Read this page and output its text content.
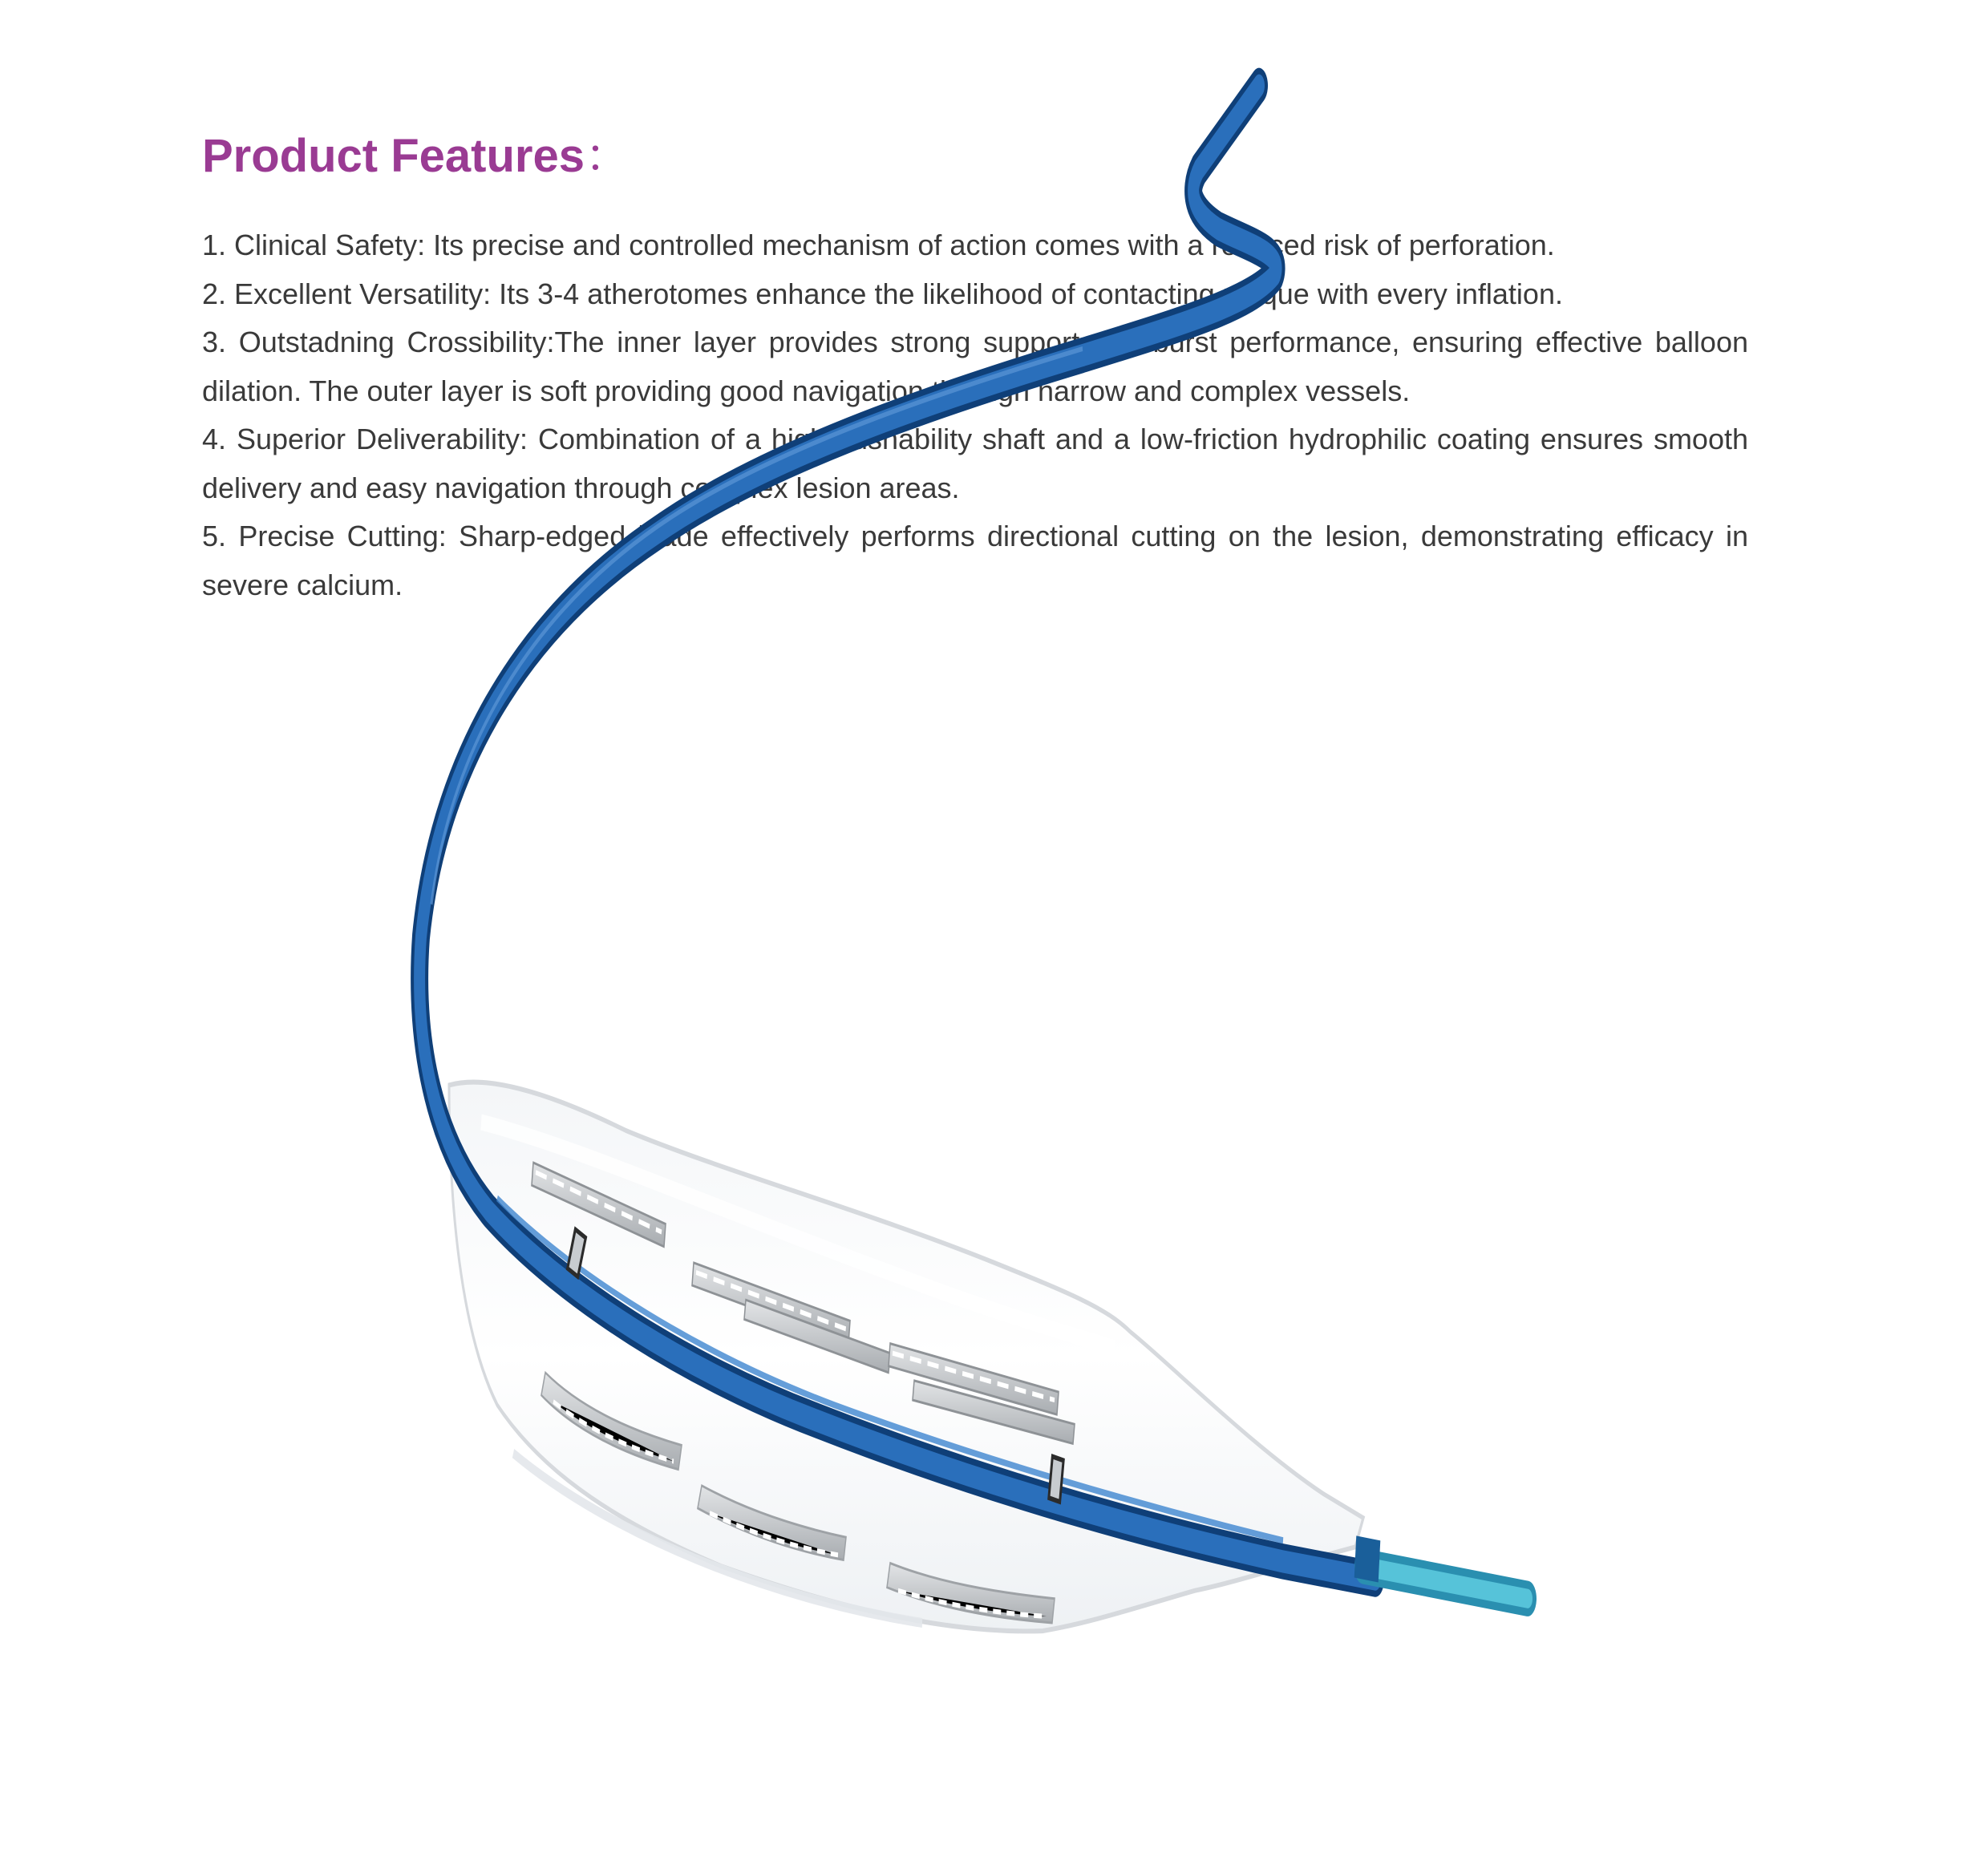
Product Features：
1. Clinical Safety: Its precise and controlled mechanism of action comes with a reduced risk of perforation.
2. Excellent Versatility: Its 3-4 atherotomes enhance the likelihood of contacting plaque with every inflation.
3. Outstadning Crossibility:The inner layer provides strong support and burst performance, ensuring effective balloon dilation. The outer layer is soft providing good navigation through narrow and complex vessels.
4. Superior Deliverability: Combination of a high-pushability shaft and a low-friction hydrophilic coating ensures smooth delivery and easy navigation through complex lesion areas.
5. Precise Cutting: Sharp-edged blade effectively performs directional cutting on the lesion, demonstrating efficacy in severe calcium.
